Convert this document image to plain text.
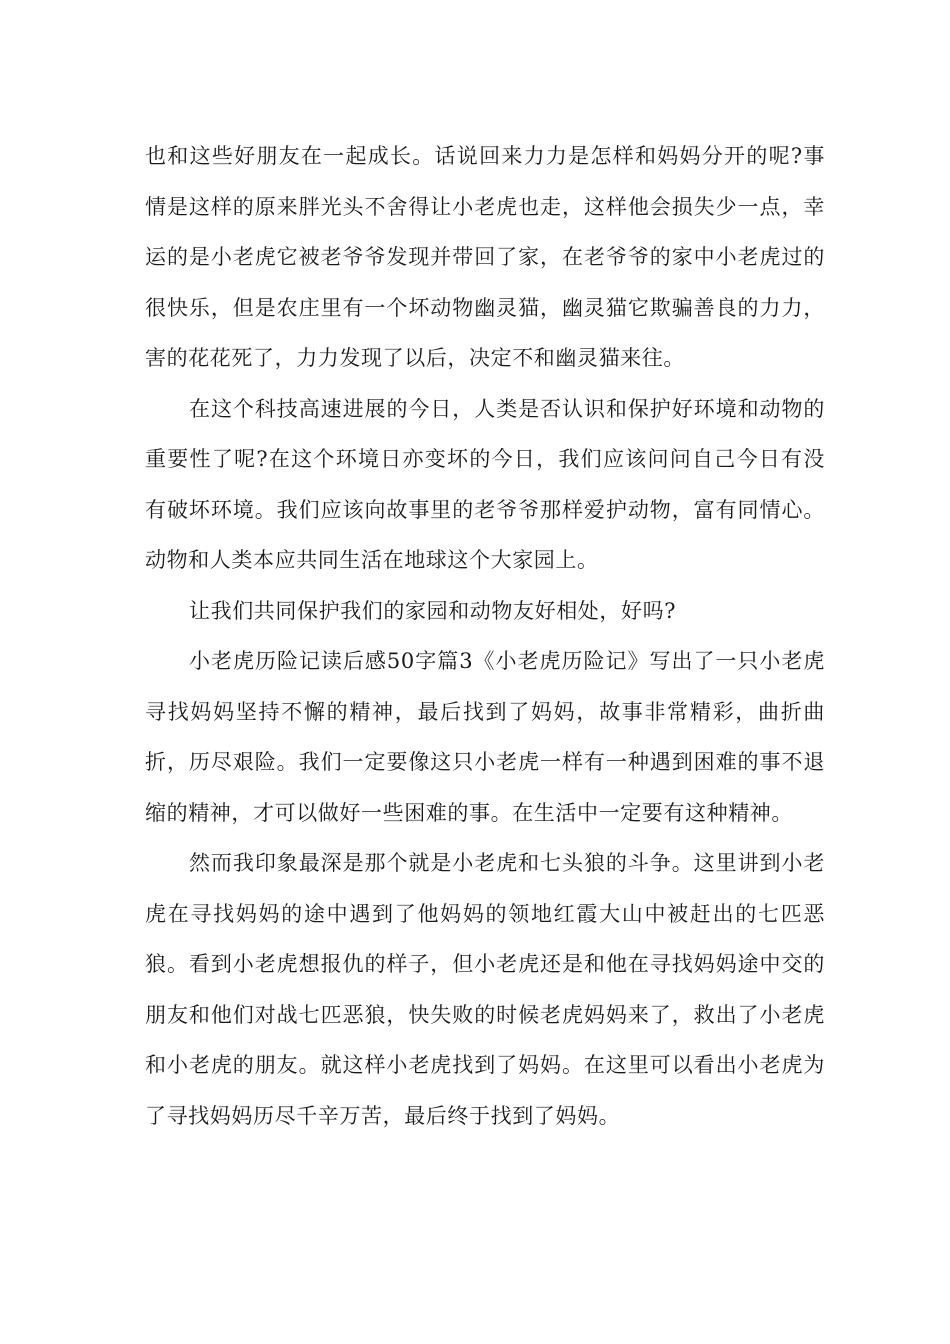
也和这些好朋友在一起成长。话说回来力力是怎样和妈妈分开的呢?事情是这样的原来胖光头不舍得让小老虎也走，这样他会损失少一点，幸运的是小老虎它被老爷爷发现并带回了家，在老爷爷的家中小老虎过的很快乐，但是农庄里有一个坏动物幽灵猫，幽灵猫它欺骗善良的力力，害的花花死了，力力发现了以后，决定不和幽灵猫来往。

在这个科技高速进展的今日，人类是否认识和保护好环境和动物的重要性了呢?在这个环境日亦变坏的今日，我们应该问问自己今日有没有破坏环境。我们应该向故事里的老爷爷那样爱护动物，富有同情心。动物和人类本应共同生活在地球这个大家园上。

让我们共同保护我们的家园和动物友好相处，好吗?

小老虎历险记读后感50字篇3《小老虎历险记》写出了一只小老虎寻找妈妈坚持不懈的精神，最后找到了妈妈，故事非常精彩，曲折曲折，历尽艰险。我们一定要像这只小老虎一样有一种遇到困难的事不退缩的精神，才可以做好一些困难的事。在生活中一定要有这种精神。

然而我印象最深是那个就是小老虎和七头狼的斗争。这里讲到小老虎在寻找妈妈的途中遇到了他妈妈的领地红霞大山中被赶出的七匹恶狼。看到小老虎想报仇的样子，但小老虎还是和他在寻找妈妈途中交的朋友和他们对战七匹恶狼，快失败的时候老虎妈妈来了，救出了小老虎和小老虎的朋友。就这样小老虎找到了妈妈。在这里可以看出小老虎为了寻找妈妈历尽千辛万苦，最后终于找到了妈妈。
